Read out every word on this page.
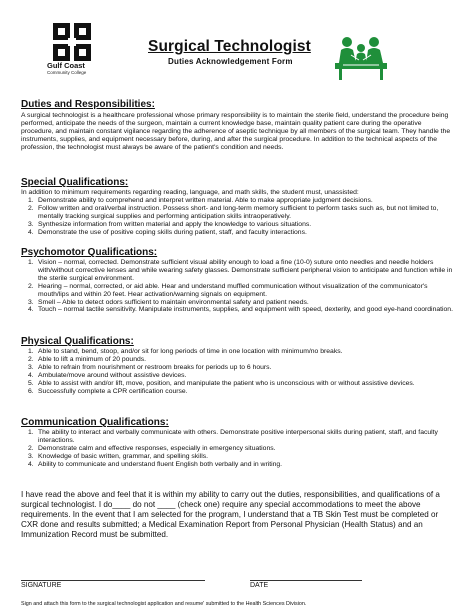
Gulf Coast
Community College
Surgical Technologist
Duties Acknowledgement Form

Duties and Responsibilities:

A surgical technologist is a healthcare professional whose primary responsibility is to maintain the sterile field, understand the procedure being performed, anticipate the needs of the surgeon, maintain a current knowledge base, maintain quality patient care during the operative procedure, and maintain constant vigilance regarding the adherence of aseptic technique by all members of the surgical team. They handle the instruments, supplies, and equipment necessary before, during, and after the surgical procedure. In addition to the technical aspects of the profession, the technologist must always be aware of the patient's condition and needs.

Special Qualifications:

In addition to minimum requirements regarding reading, language, and math skills, the student must, unassisted:

1. Demonstrate ability to comprehend and interpret written material. Able to make appropriate judgment decisions.
2. Follow written and oral/verbal instruction. Possess short- and long-term memory sufficient to perform tasks such as, but not limited to, mentally tracking surgical supplies and performing anticipation skills intraoperatively.
3. Synthesize information from written material and apply the knowledge to various situations.
4. Demonstrate the use of positive coping skills during patient, staff, and faculty interactions.

Psychomotor Qualifications:

1. Vision – normal, corrected. Demonstrate sufficient visual ability enough to load a fine (10-0) suture onto needles and needle holders with/without corrective lenses and while wearing safety glasses. Demonstrate sufficient peripheral vision to anticipate and function while in the sterile surgical environment.
2. Hearing – normal, corrected, or aid able. Hear and understand muffled communication without visualization of the communicator's mouth/lips and within 20 feet. Hear activation/warning signals on equipment.
3. Smell – Able to detect odors sufficient to maintain environmental safety and patient needs.
4. Touch – normal tactile sensitivity. Manipulate instruments, supplies, and equipment with speed, dexterity, and good eye-hand coordination.

Physical Qualifications:

1. Able to stand, bend, stoop, and/or sit for long periods of time in one location with minimum/no breaks.
2. Able to lift a minimum of 20 pounds.
3. Able to refrain from nourishment or restroom breaks for periods up to 6 hours.
4. Ambulate/move around without assistive devices.
5. Able to assist with and/or lift, move, position, and manipulate the patient who is unconscious with or without assistive devices.
6. Successfully complete a CPR certification course.

Communication Qualifications:

1. The ability to interact and verbally communicate with others. Demonstrate positive interpersonal skills during patient, staff, and faculty interactions.
2. Demonstrate calm and effective responses, especially in emergency situations.
3. Knowledge of basic written, grammar, and spelling skills.
4. Ability to communicate and understand fluent English both verbally and in writing.
I have read the above and feel that it is within my ability to carry out the duties, responsibilities, and qualifications of a surgical technologist. I do____ do not ____ (check one) require any special accommodations to meet the above requirements. In the event that I am selected for the program, I understand that a TB Skin Test must be completed or CXR done and results submitted; a Medical Examination Report from Personal Physician (Health Status) and an Immunization Record must be submitted.
SIGNATURE	DATE
Sign and attach this form to the surgical technologist application and resume' submitted to the Health Sciences Division.
